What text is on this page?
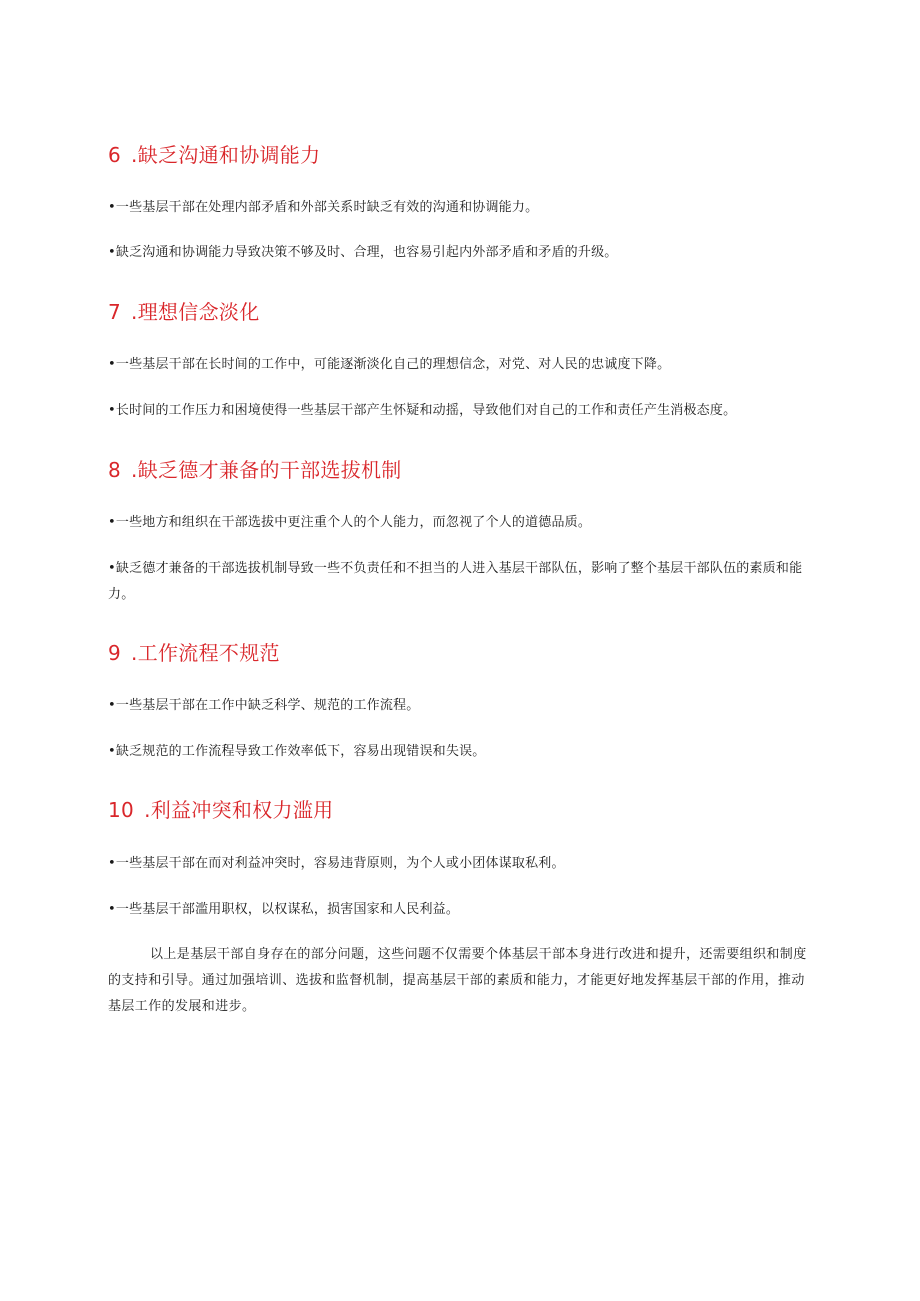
6 .缺乏沟通和协调能力
•一些基层干部在处理内部矛盾和外部关系时缺乏有效的沟通和协调能力。
•缺乏沟通和协调能力导致决策不够及时、合理，也容易引起内外部矛盾和矛盾的升级。
7 .理想信念淡化
•一些基层干部在长时间的工作中，可能逐渐淡化自己的理想信念，对党、对人民的忠诚度下降。
•长时间的工作压力和困境使得一些基层干部产生怀疑和动摇，导致他们对自己的工作和责任产生消极态度。
8 .缺乏德才兼备的干部选拔机制
•一些地方和组织在干部选拔中更注重个人的个人能力，而忽视了个人的道德品质。
•缺乏德才兼备的干部选拔机制导致一些不负责任和不担当的人进入基层干部队伍，影响了整个基层干部队伍的素质和能力。
9 .工作流程不规范
•一些基层干部在工作中缺乏科学、规范的工作流程。
•缺乏规范的工作流程导致工作效率低下，容易出现错误和失误。
10 .利益冲突和权力滥用
•一些基层干部在而对利益冲突时，容易违背原则，为个人或小团体谋取私利。
•一些基层干部滥用职权，以权谋私，损害国家和人民利益。
以上是基层干部自身存在的部分问题，这些问题不仅需要个体基层干部本身进行改进和提升，还需要组织和制度的支持和引导。通过加强培训、选拔和监督机制，提高基层干部的素质和能力，才能更好地发挥基层干部的作用，推动基层工作的发展和进步。
